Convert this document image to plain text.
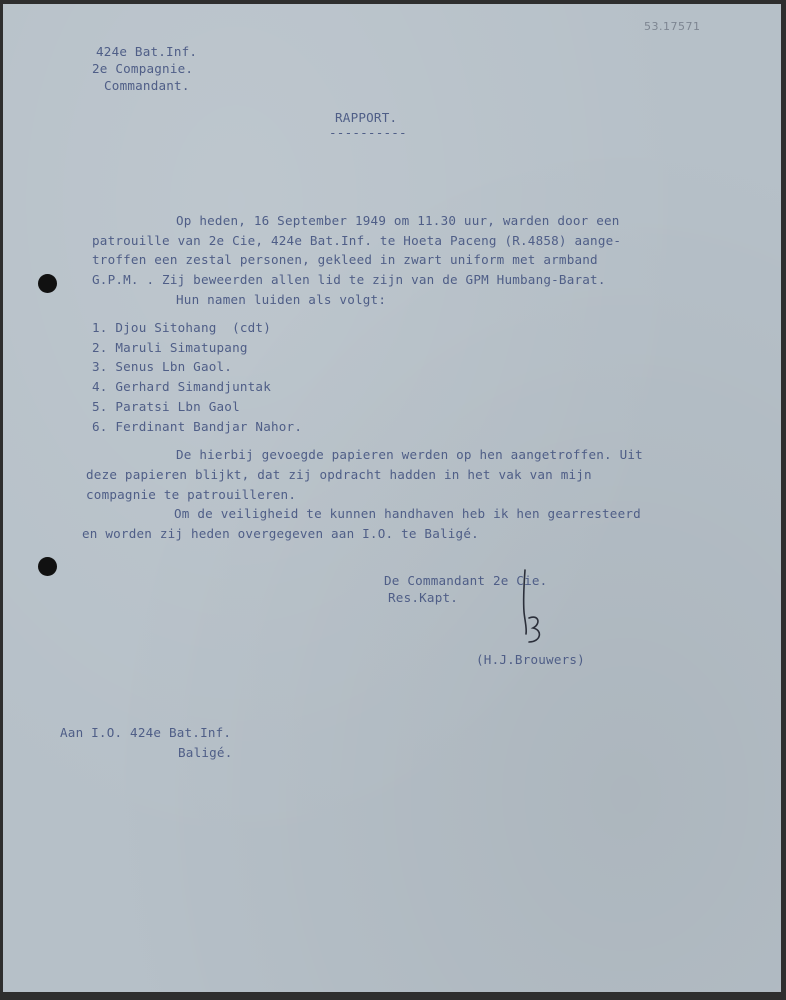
53.17571
424e Bat.Inf.
2e Compagnie.
Commandant.
RAPPORT.
----------
Op heden, 16 September 1949 om 11.30 uur, warden door een
patrouille van 2e Cie, 424e Bat.Inf. te Hoeta Paceng (R.4858) aange-
troffen een zestal personen, gekleed in zwart uniform met armband
G.P.M. . Zij beweerden allen lid te zijn van de GPM Humbang-Barat.
Hun namen luiden als volgt:
1. Djou Sitohang  (cdt)
2. Maruli Simatupang
3. Senus Lbn Gaol.
4. Gerhard Simandjuntak
5. Paratsi Lbn Gaol
6. Ferdinant Bandjar Nahor.
De hierbij gevoegde papieren werden op hen aangetroffen. Uit
deze papieren blijkt, dat zij opdracht hadden in het vak van mijn
compagnie te patrouilleren.
Om de veiligheid te kunnen handhaven heb ik hen gearresteerd
en worden zij heden overgegeven aan I.O. te Baligé.
De Commandant 2e Cie.
Res.Kapt.
(H.J.Brouwers)
Aan I.O. 424e Bat.Inf.
Baligé.
